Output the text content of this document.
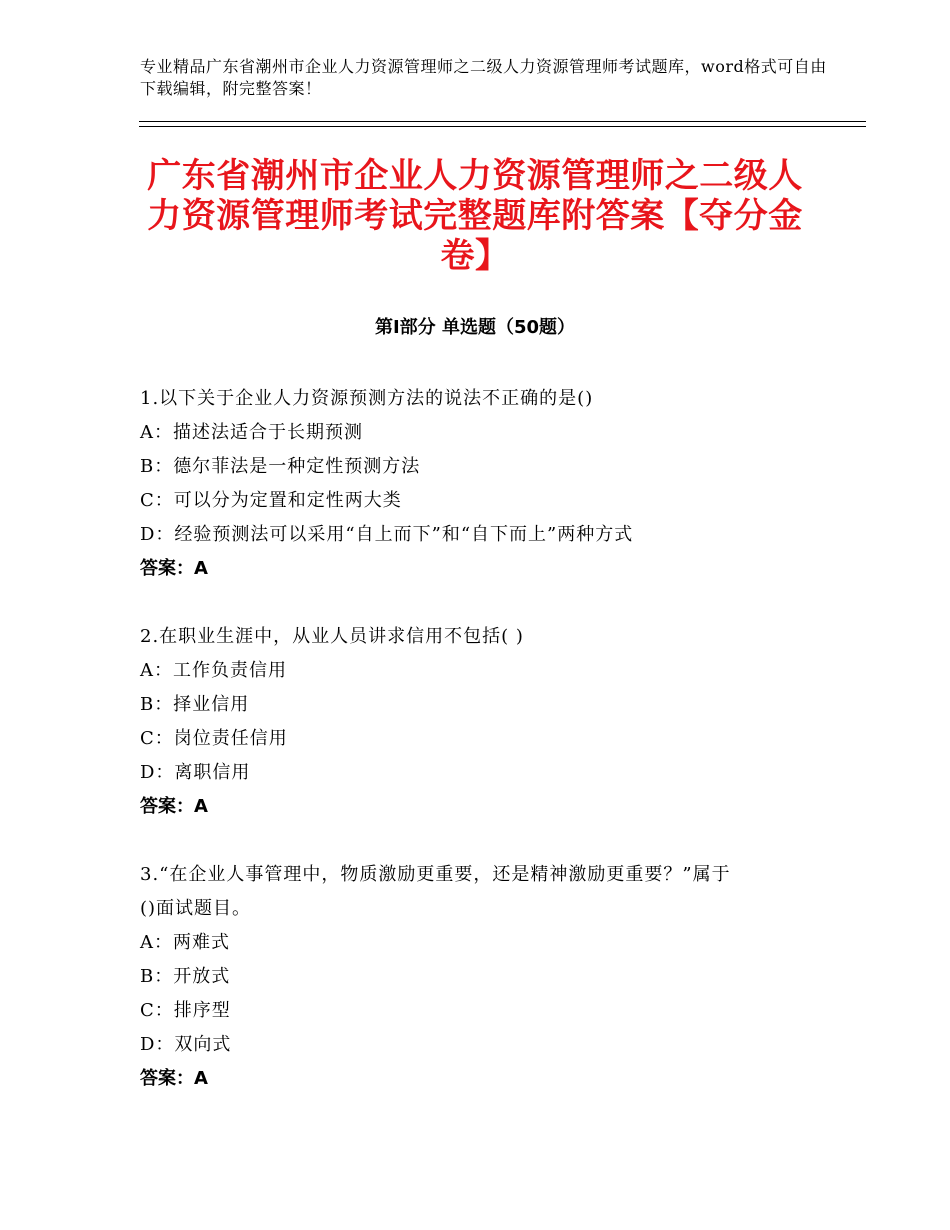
专业精品广东省潮州市企业人力资源管理师之二级人力资源管理师考试题库，word格式可自由下载编辑，附完整答案！
广东省潮州市企业人力资源管理师之二级人力资源管理师考试完整题库附答案【夺分金卷】
第Ⅰ部分 单选题（50题）

1.以下关于企业人力资源预测方法的说法不正确的是()

A：描述法适合于长期预测

B：德尔菲法是一种定性预测方法

C：可以分为定置和定性两大类

D：经验预测法可以采用“自上而下”和“自下而上”两种方式

答案：A

2.在职业生涯中，从业人员讲求信用不包括( )

A：工作负责信用

B：择业信用

C：岗位责任信用

D：离职信用

答案：A

3.“在企业人事管理中，物质激励更重要，还是精神激励更重要？”属于()面试题目。

A：两难式

B：开放式

C：排序型

D：双向式

答案：A
